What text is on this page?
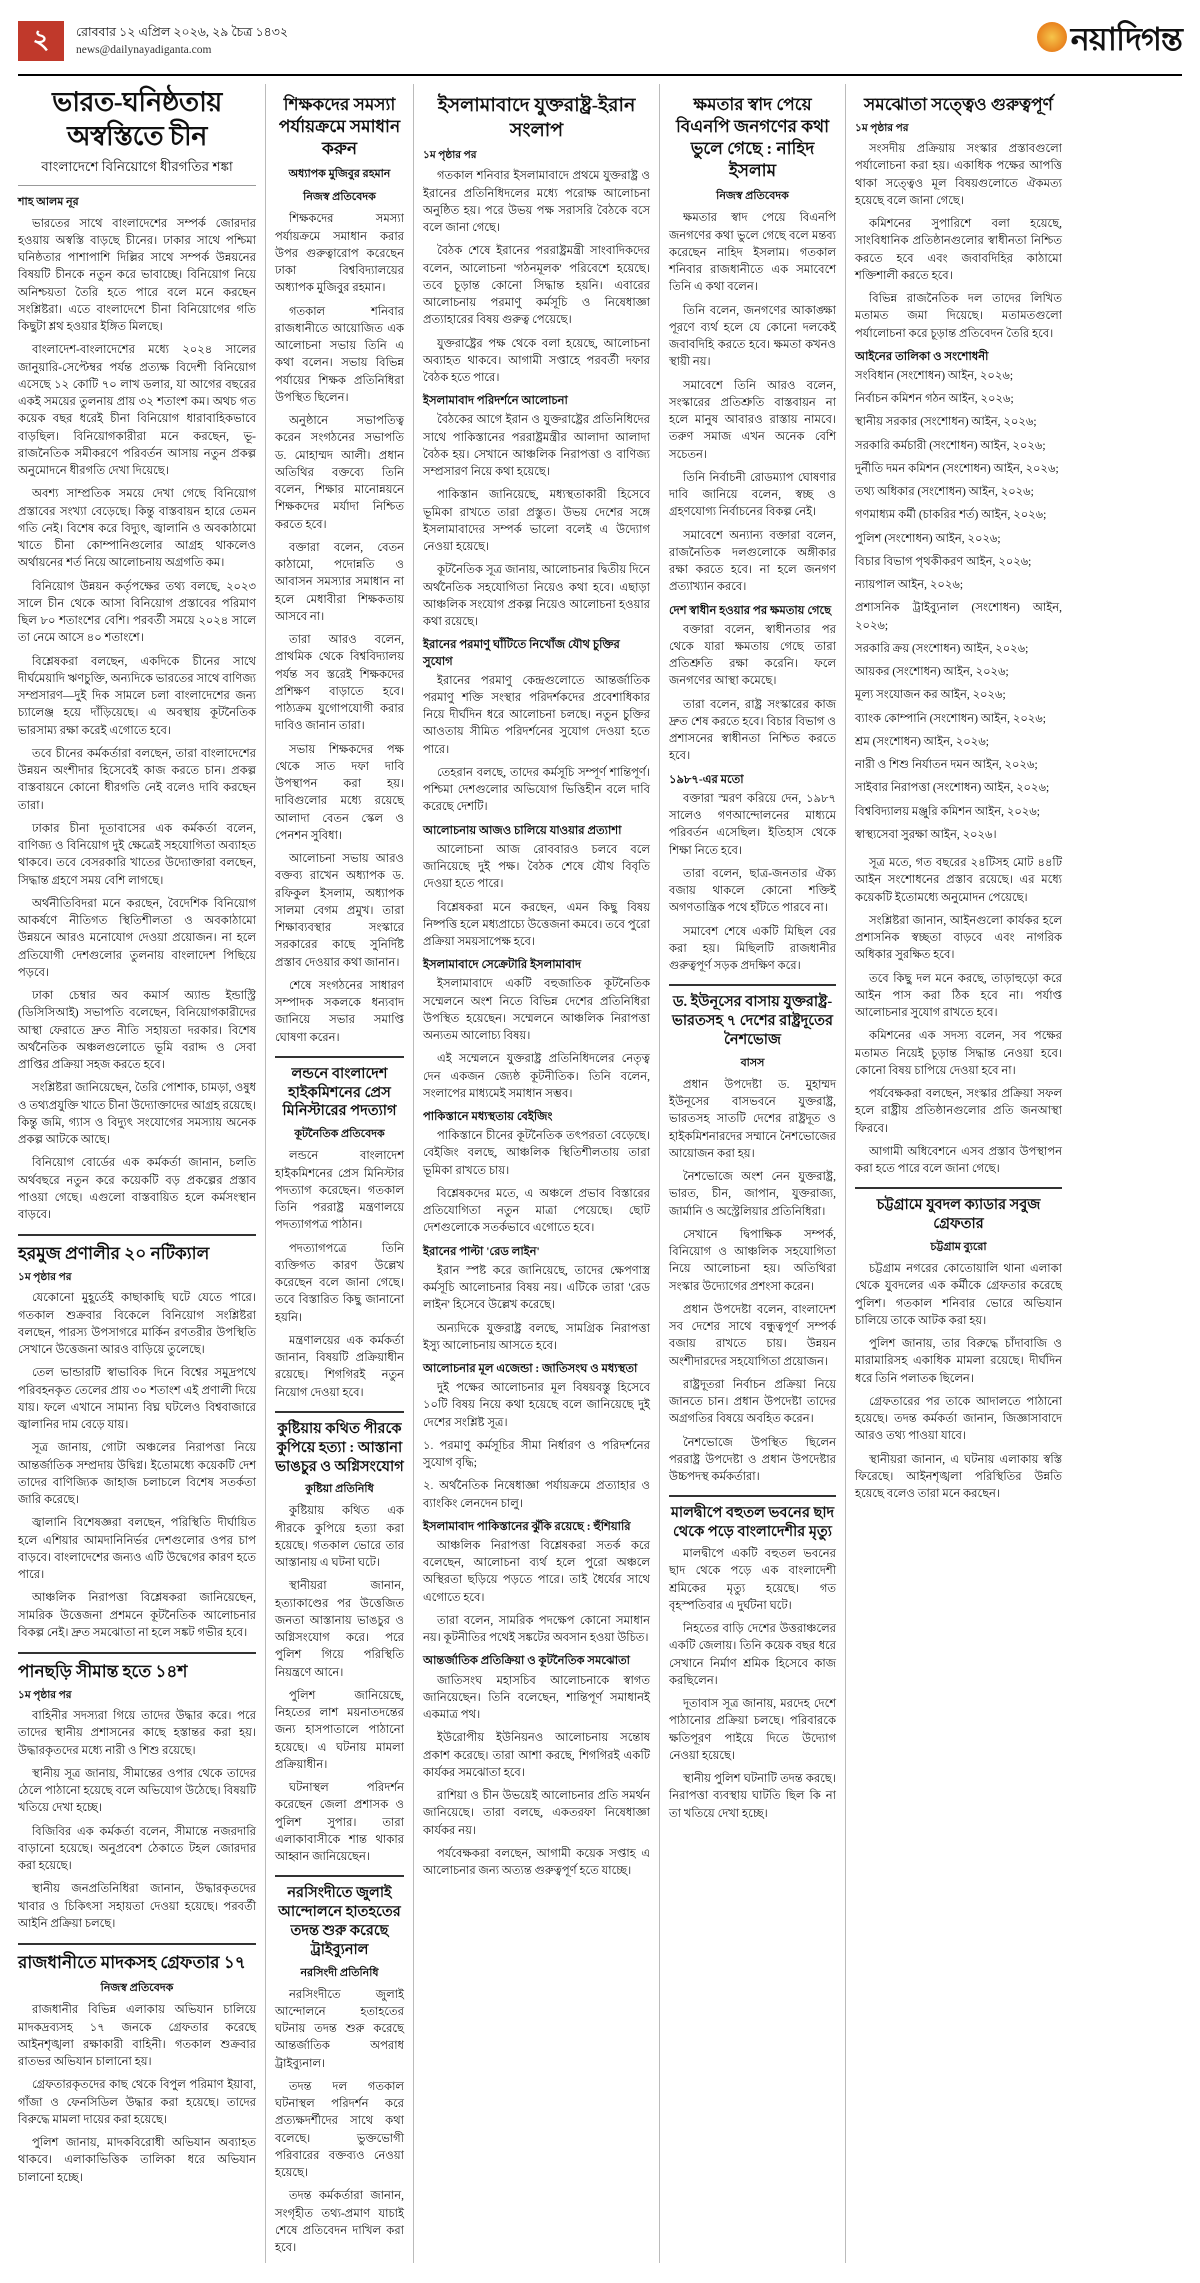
২	রোববার ১২ এপ্রিল ২০২৬, ২৯ চৈত্র ১৪৩২
news@dailynayadiganta.com	নয়াদিগন্ত
ভারত-ঘনিষ্ঠতায় অস্বস্তিতে চীন
বাংলাদেশে বিনিয়োগে ধীরগতির শঙ্কা
শাহ আলম নূর

ভারতের সাথে বাংলাদেশের সম্পর্ক জোরদার হওয়ায় অস্বস্তি বাড়ছে চীনের। ঢাকার সাথে পশ্চিমা ঘনিষ্ঠতার পাশাপাশি দিল্লির সাথে সম্পর্ক উন্নয়নের বিষয়টি চীনকে নতুন করে ভাবাচ্ছে। বিনিয়োগ নিয়ে অনিশ্চয়তা তৈরি হতে পারে বলে মনে করছেন সংশ্লিষ্টরা। এতে বাংলাদেশে চীনা বিনিয়োগের গতি কিছুটা শ্লথ হওয়ার ইঙ্গিত মিলছে।

বাংলাদেশ-বাংলাদেশের মধ্যে ২০২৪ সালের জানুয়ারি-সেপ্টেম্বর পর্যন্ত প্রত্যক্ষ বিদেশী বিনিয়োগ এসেছে ১২ কোটি ৭০ লাখ ডলার, যা আগের বছরের একই সময়ের তুলনায় প্রায় ৩২ শতাংশ কম। অথচ গত কয়েক বছর ধরেই চীনা বিনিয়োগ ধারাবাহিকভাবে বাড়ছিল। বিনিয়োগকারীরা মনে করছেন, ভূ-রাজনৈতিক সমীকরণে পরিবর্তন আসায় নতুন প্রকল্প অনুমোদনে ধীরগতি দেখা দিয়েছে।

অবশ্য সাম্প্রতিক সময়ে দেখা গেছে বিনিয়োগ প্রস্তাবের সংখ্যা বেড়েছে। কিন্তু বাস্তবায়ন হারে তেমন গতি নেই। বিশেষ করে বিদ্যুৎ, জ্বালানি ও অবকাঠামো খাতে চীনা কোম্পানিগুলোর আগ্রহ থাকলেও অর্থায়নের শর্ত নিয়ে আলোচনায় অগ্রগতি কম।

বিনিয়োগ উন্নয়ন কর্তৃপক্ষের তথ্য বলছে, ২০২৩ সালে চীন থেকে আসা বিনিয়োগ প্রস্তাবের পরিমাণ ছিল ৮০ শতাংশের বেশি। পরবর্তী সময়ে ২০২৪ সালে তা নেমে আসে ৪০ শতাংশে।

বিশ্লেষকরা বলছেন, একদিকে চীনের সাথে দীর্ঘমেয়াদি ঋণচুক্তি, অন্যদিকে ভারতের সাথে বাণিজ্য সম্প্রসারণ—দুই দিক সামলে চলা বাংলাদেশের জন্য চ্যালেঞ্জ হয়ে দাঁড়িয়েছে। এ অবস্থায় কূটনৈতিক ভারসাম্য রক্ষা করেই এগোতে হবে।

তবে চীনের কর্মকর্তারা বলছেন, তারা বাংলাদেশের উন্নয়ন অংশীদার হিসেবেই কাজ করতে চান। প্রকল্প বাস্তবায়নে কোনো ধীরগতি নেই বলেও দাবি করছেন তারা।

ঢাকার চীনা দূতাবাসের এক কর্মকর্তা বলেন, বাণিজ্য ও বিনিয়োগ দুই ক্ষেত্রেই সহযোগিতা অব্যাহত থাকবে। তবে বেসরকারি খাতের উদ্যোক্তারা বলছেন, সিদ্ধান্ত গ্রহণে সময় বেশি লাগছে।

অর্থনীতিবিদরা মনে করছেন, বৈদেশিক বিনিয়োগ আকর্ষণে নীতিগত স্থিতিশীলতা ও অবকাঠামো উন্নয়নে আরও মনোযোগ দেওয়া প্রয়োজন। না হলে প্রতিযোগী দেশগুলোর তুলনায় বাংলাদেশ পিছিয়ে পড়বে।

ঢাকা চেম্বার অব কমার্স অ্যান্ড ইন্ডাস্ট্রি (ডিসিসিআই) সভাপতি বলেছেন, বিনিয়োগকারীদের আস্থা ফেরাতে দ্রুত নীতি সহায়তা দরকার। বিশেষ অর্থনৈতিক অঞ্চলগুলোতে ভূমি বরাদ্দ ও সেবা প্রাপ্তির প্রক্রিয়া সহজ করতে হবে।

সংশ্লিষ্টরা জানিয়েছেন, তৈরি পোশাক, চামড়া, ওষুধ ও তথ্যপ্রযুক্তি খাতে চীনা উদ্যোক্তাদের আগ্রহ রয়েছে। কিন্তু জমি, গ্যাস ও বিদ্যুৎ সংযোগের সমস্যায় অনেক প্রকল্প আটকে আছে।

বিনিয়োগ বোর্ডের এক কর্মকর্তা জানান, চলতি অর্থবছরে নতুন করে কয়েকটি বড় প্রকল্পের প্রস্তাব পাওয়া গেছে। এগুলো বাস্তবায়িত হলে কর্মসংস্থান বাড়বে।

হরমুজ প্রণালীর ২০ নটিক্যাল
১ম পৃষ্ঠার পর

যেকোনো মুহূর্তেই কাছাকাছি ঘটে যেতে পারে। গতকাল শুক্রবার বিকেলে বিনিয়োগ সংশ্লিষ্টরা বলছেন, পারস্য উপসাগরে মার্কিন রণতরীর উপস্থিতি সেখানে উত্তেজনা আরও বাড়িয়ে তুলেছে।

তেল ভান্ডারটি স্বাভাবিক দিনে বিশ্বের সমুদ্রপথে পরিবহনকৃত তেলের প্রায় ৩০ শতাংশ এই প্রণালী দিয়ে যায়। ফলে এখানে সামান্য বিঘ্ন ঘটলেও বিশ্ববাজারে জ্বালানির দাম বেড়ে যায়।

সূত্র জানায়, গোটা অঞ্চলের নিরাপত্তা নিয়ে আন্তর্জাতিক সম্প্রদায় উদ্বিগ্ন। ইতোমধ্যে কয়েকটি দেশ তাদের বাণিজ্যিক জাহাজ চলাচলে বিশেষ সতর্কতা জারি করেছে।

জ্বালানি বিশেষজ্ঞরা বলছেন, পরিস্থিতি দীর্ঘায়িত হলে এশিয়ার আমদানিনির্ভর দেশগুলোর ওপর চাপ বাড়বে। বাংলাদেশের জন্যও এটি উদ্বেগের কারণ হতে পারে।

আঞ্চলিক নিরাপত্তা বিশ্লেষকরা জানিয়েছেন, সামরিক উত্তেজনা প্রশমনে কূটনৈতিক আলোচনার বিকল্প নেই। দ্রুত সমঝোতা না হলে সঙ্কট গভীর হবে।

পানছড়ি সীমান্ত হতে ১৪শ
১ম পৃষ্ঠার পর

বাহিনীর সদস্যরা গিয়ে তাদের উদ্ধার করে। পরে তাদের স্থানীয় প্রশাসনের কাছে হস্তান্তর করা হয়। উদ্ধারকৃতদের মধ্যে নারী ও শিশু রয়েছে।

স্থানীয় সূত্র জানায়, সীমান্তের ওপার থেকে তাদের ঠেলে পাঠানো হয়েছে বলে অভিযোগ উঠেছে। বিষয়টি খতিয়ে দেখা হচ্ছে।

বিজিবির এক কর্মকর্তা বলেন, সীমান্তে নজরদারি বাড়ানো হয়েছে। অনুপ্রবেশ ঠেকাতে টহল জোরদার করা হয়েছে।

স্থানীয় জনপ্রতিনিধিরা জানান, উদ্ধারকৃতদের খাবার ও চিকিৎসা সহায়তা দেওয়া হয়েছে। পরবর্তী আইনি প্রক্রিয়া চলছে।

রাজধানীতে মাদকসহ গ্রেফতার ১৭
নিজস্ব প্রতিবেদক

রাজধানীর বিভিন্ন এলাকায় অভিযান চালিয়ে মাদকদ্রব্যসহ ১৭ জনকে গ্রেফতার করেছে আইনশৃঙ্খলা রক্ষাকারী বাহিনী। গতকাল শুক্রবার রাতভর অভিযান চালানো হয়।

গ্রেফতারকৃতদের কাছ থেকে বিপুল পরিমাণ ইয়াবা, গাঁজা ও ফেনসিডিল উদ্ধার করা হয়েছে। তাদের বিরুদ্ধে মামলা দায়ের করা হয়েছে।

পুলিশ জানায়, মাদকবিরোধী অভিযান অব্যাহত থাকবে। এলাকাভিত্তিক তালিকা ধরে অভিযান চালানো হচ্ছে।

শিক্ষকদের সমস্যা পর্যায়ক্রমে সমাধান করুন
অধ্যাপক মুজিবুর রহমান
নিজস্ব প্রতিবেদক

শিক্ষকদের সমস্যা পর্যায়ক্রমে সমাধান করার উপর গুরুত্বারোপ করেছেন ঢাকা বিশ্ববিদ্যালয়ের অধ্যাপক মুজিবুর রহমান।

গতকাল শনিবার রাজধানীতে আয়োজিত এক আলোচনা সভায় তিনি এ কথা বলেন। সভায় বিভিন্ন পর্যায়ের শিক্ষক প্রতিনিধিরা উপস্থিত ছিলেন।

অনুষ্ঠানে সভাপতিত্ব করেন সংগঠনের সভাপতি ড. মোহাম্মদ আলী। প্রধান অতিথির বক্তব্যে তিনি বলেন, শিক্ষার মানোন্নয়নে শিক্ষকদের মর্যাদা নিশ্চিত করতে হবে।

বক্তারা বলেন, বেতন কাঠামো, পদোন্নতি ও আবাসন সমস্যার সমাধান না হলে মেধাবীরা শিক্ষকতায় আসবে না।

তারা আরও বলেন, প্রাথমিক থেকে বিশ্ববিদ্যালয় পর্যন্ত সব স্তরেই শিক্ষকদের প্রশিক্ষণ বাড়াতে হবে। পাঠ্যক্রম যুগোপযোগী করার দাবিও জানান তারা।

সভায় শিক্ষকদের পক্ষ থেকে সাত দফা দাবি উপস্থাপন করা হয়। দাবিগুলোর মধ্যে রয়েছে আলাদা বেতন স্কেল ও পেনশন সুবিধা।

আলোচনা সভায় আরও বক্তব্য রাখেন অধ্যাপক ড. রফিকুল ইসলাম, অধ্যাপক সালমা বেগম প্রমুখ। তারা শিক্ষাব্যবস্থার সংস্কারে সরকারের কাছে সুনির্দিষ্ট প্রস্তাব দেওয়ার কথা জানান।

শেষে সংগঠনের সাধারণ সম্পাদক সকলকে ধন্যবাদ জানিয়ে সভার সমাপ্তি ঘোষণা করেন।

লন্ডনে বাংলাদেশ হাইকমিশনের প্রেস মিনিস্টারের পদত্যাগ
কূটনৈতিক প্রতিবেদক

লন্ডনে বাংলাদেশ হাইকমিশনের প্রেস মিনিস্টার পদত্যাগ করেছেন। গতকাল তিনি পররাষ্ট্র মন্ত্রণালয়ে পদত্যাগপত্র পাঠান।

পদত্যাগপত্রে তিনি ব্যক্তিগত কারণ উল্লেখ করেছেন বলে জানা গেছে। তবে বিস্তারিত কিছু জানানো হয়নি।

মন্ত্রণালয়ের এক কর্মকর্তা জানান, বিষয়টি প্রক্রিয়াধীন রয়েছে। শিগগিরই নতুন নিয়োগ দেওয়া হবে।

কুষ্টিয়ায় কথিত পীরকে কুপিয়ে হত্যা : আস্তানা ভাঙচুর ও অগ্নিসংযোগ
কুষ্টিয়া প্রতিনিধি

কুষ্টিয়ায় কথিত এক পীরকে কুপিয়ে হত্যা করা হয়েছে। গতকাল ভোরে তার আস্তানায় এ ঘটনা ঘটে।

স্থানীয়রা জানান, হত্যাকাণ্ডের পর উত্তেজিত জনতা আস্তানায় ভাঙচুর ও অগ্নিসংযোগ করে। পরে পুলিশ গিয়ে পরিস্থিতি নিয়ন্ত্রণে আনে।

পুলিশ জানিয়েছে, নিহতের লাশ ময়নাতদন্তের জন্য হাসপাতালে পাঠানো হয়েছে। এ ঘটনায় মামলা প্রক্রিয়াধীন।

ঘটনাস্থল পরিদর্শন করেছেন জেলা প্রশাসক ও পুলিশ সুপার। তারা এলাকাবাসীকে শান্ত থাকার আহ্বান জানিয়েছেন।

নরসিংদীতে জুলাই আন্দোলনে হাতহতের তদন্ত শুরু করেছে ট্রাইব্যুনাল
নরসিংদী প্রতিনিধি

নরসিংদীতে জুলাই আন্দোলনে হতাহতের ঘটনায় তদন্ত শুরু করেছে আন্তর্জাতিক অপরাধ ট্রাইব্যুনাল।

তদন্ত দল গতকাল ঘটনাস্থল পরিদর্শন করে প্রত্যক্ষদর্শীদের সাথে কথা বলেছে। ভুক্তভোগী পরিবারের বক্তব্যও নেওয়া হয়েছে।

তদন্ত কর্মকর্তারা জানান, সংগৃহীত তথ্য-প্রমাণ যাচাই শেষে প্রতিবেদন দাখিল করা হবে।

ইসলামাবাদে যুক্তরাষ্ট্র-ইরান সংলাপ
১ম পৃষ্ঠার পর

গতকাল শনিবার ইসলামাবাদে প্রথমে যুক্তরাষ্ট্র ও ইরানের প্রতিনিধিদলের মধ্যে পরোক্ষ আলোচনা অনুষ্ঠিত হয়। পরে উভয় পক্ষ সরাসরি বৈঠকে বসে বলে জানা গেছে।

বৈঠক শেষে ইরানের পররাষ্ট্রমন্ত্রী সাংবাদিকদের বলেন, আলোচনা 'গঠনমূলক' পরিবেশে হয়েছে। তবে চূড়ান্ত কোনো সিদ্ধান্ত হয়নি। এবারের আলোচনায় পরমাণু কর্মসূচি ও নিষেধাজ্ঞা প্রত্যাহারের বিষয় গুরুত্ব পেয়েছে।

যুক্তরাষ্ট্রের পক্ষ থেকে বলা হয়েছে, আলোচনা অব্যাহত থাকবে। আগামী সপ্তাহে পরবর্তী দফার বৈঠক হতে পারে।

ইসলামাবাদ পরিদর্শনে আলোচনা

বৈঠকের আগে ইরান ও যুক্তরাষ্ট্রের প্রতিনিধিদের সাথে পাকিস্তানের পররাষ্ট্রমন্ত্রীর আলাদা আলাদা বৈঠক হয়। সেখানে আঞ্চলিক নিরাপত্তা ও বাণিজ্য সম্প্রসারণ নিয়ে কথা হয়েছে।

পাকিস্তান জানিয়েছে, মধ্যস্থতাকারী হিসেবে ভূমিকা রাখতে তারা প্রস্তুত। উভয় দেশের সঙ্গে ইসলামাবাদের সম্পর্ক ভালো বলেই এ উদ্যোগ নেওয়া হয়েছে।

কূটনৈতিক সূত্র জানায়, আলোচনার দ্বিতীয় দিনে অর্থনৈতিক সহযোগিতা নিয়েও কথা হবে। এছাড়া আঞ্চলিক সংযোগ প্রকল্প নিয়েও আলোচনা হওয়ার কথা রয়েছে।

ইরানের পরমাণু ঘাঁটিতে নিখোঁজ যৌথ চুক্তির সুযোগ

ইরানের পরমাণু কেন্দ্রগুলোতে আন্তর্জাতিক পরমাণু শক্তি সংস্থার পরিদর্শকদের প্রবেশাধিকার নিয়ে দীর্ঘদিন ধরে আলোচনা চলছে। নতুন চুক্তির আওতায় সীমিত পরিদর্শনের সুযোগ দেওয়া হতে পারে।

তেহরান বলছে, তাদের কর্মসূচি সম্পূর্ণ শান্তিপূর্ণ। পশ্চিমা দেশগুলোর অভিযোগ ভিত্তিহীন বলে দাবি করেছে দেশটি।

আলোচনায় আজও চালিয়ে যাওয়ার প্রত্যাশা

আলোচনা আজ রোববারও চলবে বলে জানিয়েছে দুই পক্ষ। বৈঠক শেষে যৌথ বিবৃতি দেওয়া হতে পারে।

বিশ্লেষকরা মনে করছেন, এমন কিছু বিষয় নিষ্পত্তি হলে মধ্যপ্রাচ্যে উত্তেজনা কমবে। তবে পুরো প্রক্রিয়া সময়সাপেক্ষ হবে।

ইসলামাবাদে সেক্রেটারি ইসলামাবাদ

ইসলামাবাদে একটি বহুজাতিক কূটনৈতিক সম্মেলনে অংশ নিতে বিভিন্ন দেশের প্রতিনিধিরা উপস্থিত হয়েছেন। সম্মেলনে আঞ্চলিক নিরাপত্তা অন্যতম আলোচ্য বিষয়।

এই সম্মেলনে যুক্তরাষ্ট্র প্রতিনিধিদলের নেতৃত্ব দেন একজন জ্যেষ্ঠ কূটনীতিক। তিনি বলেন, সংলাপের মাধ্যমেই সমাধান সম্ভব।

পাকিস্তানে মধ্যস্থতায় বেইজিং

পাকিস্তানে চীনের কূটনৈতিক তৎপরতা বেড়েছে। বেইজিং বলছে, আঞ্চলিক স্থিতিশীলতায় তারা ভূমিকা রাখতে চায়।

বিশ্লেষকদের মতে, এ অঞ্চলে প্রভাব বিস্তারের প্রতিযোগিতা নতুন মাত্রা পেয়েছে। ছোট দেশগুলোকে সতর্কভাবে এগোতে হবে।

ইরানের পাল্টা 'রেড লাইন'

ইরান স্পষ্ট করে জানিয়েছে, তাদের ক্ষেপণাস্ত্র কর্মসূচি আলোচনার বিষয় নয়। এটিকে তারা 'রেড লাইন' হিসেবে উল্লেখ করেছে।

অন্যদিকে যুক্তরাষ্ট্র বলছে, সামগ্রিক নিরাপত্তা ইস্যু আলোচনায় আসতে হবে।

আলোচনার মূল এজেন্ডা : জাতিসংঘ ও মধ্যস্থতা

দুই পক্ষের আলোচনার মূল বিষয়বস্তু হিসেবে ১০টি বিষয় নিয়ে কথা হয়েছে বলে জানিয়েছে দুই দেশের সংশ্লিষ্ট সূত্র।

১. পরমাণু কর্মসূচির সীমা নির্ধারণ ও পরিদর্শনের সুযোগ বৃদ্ধি;
২. অর্থনৈতিক নিষেধাজ্ঞা পর্যায়ক্রমে প্রত্যাহার ও ব্যাংকিং লেনদেন চালু।
ইসলামাবাদ পাকিস্তানের ঝুঁকি রয়েছে : হুঁশিয়ারি

আঞ্চলিক নিরাপত্তা বিশ্লেষকরা সতর্ক করে বলেছেন, আলোচনা ব্যর্থ হলে পুরো অঞ্চলে অস্থিরতা ছড়িয়ে পড়তে পারে। তাই ধৈর্যের সাথে এগোতে হবে।

তারা বলেন, সামরিক পদক্ষেপ কোনো সমাধান নয়। কূটনীতির পথেই সঙ্কটের অবসান হওয়া উচিত।

আন্তর্জাতিক প্রতিক্রিয়া ও কূটনৈতিক সমঝোতা

জাতিসংঘ মহাসচিব আলোচনাকে স্বাগত জানিয়েছেন। তিনি বলেছেন, শান্তিপূর্ণ সমাধানই একমাত্র পথ।

ইউরোপীয় ইউনিয়নও আলোচনায় সন্তোষ প্রকাশ করেছে। তারা আশা করছে, শিগগিরই একটি কার্যকর সমঝোতা হবে।

রাশিয়া ও চীন উভয়েই আলোচনার প্রতি সমর্থন জানিয়েছে। তারা বলছে, একতরফা নিষেধাজ্ঞা কার্যকর নয়।

পর্যবেক্ষকরা বলছেন, আগামী কয়েক সপ্তাহ এ আলোচনার জন্য অত্যন্ত গুরুত্বপূর্ণ হতে যাচ্ছে।

ক্ষমতার স্বাদ পেয়ে বিএনপি জনগণের কথা ভুলে গেছে : নাহিদ ইসলাম
নিজস্ব প্রতিবেদক

ক্ষমতার স্বাদ পেয়ে বিএনপি জনগণের কথা ভুলে গেছে বলে মন্তব্য করেছেন নাহিদ ইসলাম। গতকাল শনিবার রাজধানীতে এক সমাবেশে তিনি এ কথা বলেন।

তিনি বলেন, জনগণের আকাঙ্ক্ষা পূরণে ব্যর্থ হলে যে কোনো দলকেই জবাবদিহি করতে হবে। ক্ষমতা কখনও স্থায়ী নয়।

সমাবেশে তিনি আরও বলেন, সংস্কারের প্রতিশ্রুতি বাস্তবায়ন না হলে মানুষ আবারও রাস্তায় নামবে। তরুণ সমাজ এখন অনেক বেশি সচেতন।

তিনি নির্বাচনী রোডম্যাপ ঘোষণার দাবি জানিয়ে বলেন, স্বচ্ছ ও গ্রহণযোগ্য নির্বাচনের বিকল্প নেই।

সমাবেশে অন্যান্য বক্তারা বলেন, রাজনৈতিক দলগুলোকে অঙ্গীকার রক্ষা করতে হবে। না হলে জনগণ প্রত্যাখ্যান করবে।

দেশ স্বাধীন হওয়ার পর ক্ষমতায় গেছে

বক্তারা বলেন, স্বাধীনতার পর থেকে যারা ক্ষমতায় গেছে তারা প্রতিশ্রুতি রক্ষা করেনি। ফলে জনগণের আস্থা কমেছে।

তারা বলেন, রাষ্ট্র সংস্কারের কাজ দ্রুত শেষ করতে হবে। বিচার বিভাগ ও প্রশাসনের স্বাধীনতা নিশ্চিত করতে হবে।

১৯৮৭-এর মতো

বক্তারা স্মরণ করিয়ে দেন, ১৯৮৭ সালেও গণআন্দোলনের মাধ্যমে পরিবর্তন এসেছিল। ইতিহাস থেকে শিক্ষা নিতে হবে।

তারা বলেন, ছাত্র-জনতার ঐক্য বজায় থাকলে কোনো শক্তিই অগণতান্ত্রিক পথে হাঁটতে পারবে না।

সমাবেশ শেষে একটি মিছিল বের করা হয়। মিছিলটি রাজধানীর গুরুত্বপূর্ণ সড়ক প্রদক্ষিণ করে।

ড. ইউনূসের বাসায় যুক্তরাষ্ট্র-ভারতসহ ৭ দেশের রাষ্ট্রদূতের নৈশভোজ
বাসস

প্রধান উপদেষ্টা ড. মুহাম্মদ ইউনূসের বাসভবনে যুক্তরাষ্ট্র, ভারতসহ সাতটি দেশের রাষ্ট্রদূত ও হাইকমিশনারদের সম্মানে নৈশভোজের আয়োজন করা হয়।

নৈশভোজে অংশ নেন যুক্তরাষ্ট্র, ভারত, চীন, জাপান, যুক্তরাজ্য, জার্মানি ও অস্ট্রেলিয়ার প্রতিনিধিরা।

সেখানে দ্বিপাক্ষিক সম্পর্ক, বিনিয়োগ ও আঞ্চলিক সহযোগিতা নিয়ে আলোচনা হয়। অতিথিরা সংস্কার উদ্যোগের প্রশংসা করেন।

প্রধান উপদেষ্টা বলেন, বাংলাদেশ সব দেশের সাথে বন্ধুত্বপূর্ণ সম্পর্ক বজায় রাখতে চায়। উন্নয়ন অংশীদারদের সহযোগিতা প্রয়োজন।

রাষ্ট্রদূতরা নির্বাচন প্রক্রিয়া নিয়ে জানতে চান। প্রধান উপদেষ্টা তাদের অগ্রগতির বিষয়ে অবহিত করেন।

নৈশভোজে উপস্থিত ছিলেন পররাষ্ট্র উপদেষ্টা ও প্রধান উপদেষ্টার উচ্চপদস্থ কর্মকর্তারা।

মালদ্বীপে বহুতল ভবনের ছাদ থেকে পড়ে বাংলাদেশীর মৃত্যু

মালদ্বীপে একটি বহুতল ভবনের ছাদ থেকে পড়ে এক বাংলাদেশী শ্রমিকের মৃত্যু হয়েছে। গত বৃহস্পতিবার এ দুর্ঘটনা ঘটে।

নিহতের বাড়ি দেশের উত্তরাঞ্চলের একটি জেলায়। তিনি কয়েক বছর ধরে সেখানে নির্মাণ শ্রমিক হিসেবে কাজ করছিলেন।

দূতাবাস সূত্র জানায়, মরদেহ দেশে পাঠানোর প্রক্রিয়া চলছে। পরিবারকে ক্ষতিপূরণ পাইয়ে দিতে উদ্যোগ নেওয়া হয়েছে।

স্থানীয় পুলিশ ঘটনাটি তদন্ত করছে। নিরাপত্তা ব্যবস্থায় ঘাটতি ছিল কি না তা খতিয়ে দেখা হচ্ছে।

সমঝোতা সত্ত্বেও গুরুত্বপূর্ণ
১ম পৃষ্ঠার পর

সংসদীয় প্রক্রিয়ায় সংস্কার প্রস্তাবগুলো পর্যালোচনা করা হয়। একাধিক পক্ষের আপত্তি থাকা সত্ত্বেও মূল বিষয়গুলোতে ঐকমত্য হয়েছে বলে জানা গেছে।

কমিশনের সুপারিশে বলা হয়েছে, সাংবিধানিক প্রতিষ্ঠানগুলোর স্বাধীনতা নিশ্চিত করতে হবে এবং জবাবদিহির কাঠামো শক্তিশালী করতে হবে।

বিভিন্ন রাজনৈতিক দল তাদের লিখিত মতামত জমা দিয়েছে। মতামতগুলো পর্যালোচনা করে চূড়ান্ত প্রতিবেদন তৈরি হবে।

আইনের তালিকা ও সংশোধনী
সংবিধান (সংশোধন) আইন, ২০২৬;
নির্বাচন কমিশন গঠন আইন, ২০২৬;
স্থানীয় সরকার (সংশোধন) আইন, ২০২৬;
সরকারি কর্মচারী (সংশোধন) আইন, ২০২৬;
দুর্নীতি দমন কমিশন (সংশোধন) আইন, ২০২৬;
তথ্য অধিকার (সংশোধন) আইন, ২০২৬;
গণমাধ্যম কর্মী (চাকরির শর্ত) আইন, ২০২৬;
পুলিশ (সংশোধন) আইন, ২০২৬;
বিচার বিভাগ পৃথকীকরণ আইন, ২০২৬;
ন্যায়পাল আইন, ২০২৬;
প্রশাসনিক ট্রাইব্যুনাল (সংশোধন) আইন, ২০২৬;
সরকারি ক্রয় (সংশোধন) আইন, ২০২৬;
আয়কর (সংশোধন) আইন, ২০২৬;
মূল্য সংযোজন কর আইন, ২০২৬;
ব্যাংক কোম্পানি (সংশোধন) আইন, ২০২৬;
শ্রম (সংশোধন) আইন, ২০২৬;
নারী ও শিশু নির্যাতন দমন আইন, ২০২৬;
সাইবার নিরাপত্তা (সংশোধন) আইন, ২০২৬;
বিশ্ববিদ্যালয় মঞ্জুরি কমিশন আইন, ২০২৬;
স্বাস্থ্যসেবা সুরক্ষা আইন, ২০২৬।

সূত্র মতে, গত বছরের ২৪টিসহ মোট ৪৪টি আইন সংশোধনের প্রস্তাব রয়েছে। এর মধ্যে কয়েকটি ইতোমধ্যে অনুমোদন পেয়েছে।

সংশ্লিষ্টরা জানান, আইনগুলো কার্যকর হলে প্রশাসনিক স্বচ্ছতা বাড়বে এবং নাগরিক অধিকার সুরক্ষিত হবে।

তবে কিছু দল মনে করছে, তাড়াহুড়ো করে আইন পাস করা ঠিক হবে না। পর্যাপ্ত আলোচনার সুযোগ রাখতে হবে।

কমিশনের এক সদস্য বলেন, সব পক্ষের মতামত নিয়েই চূড়ান্ত সিদ্ধান্ত নেওয়া হবে। কোনো বিষয় চাপিয়ে দেওয়া হবে না।

পর্যবেক্ষকরা বলছেন, সংস্কার প্রক্রিয়া সফল হলে রাষ্ট্রীয় প্রতিষ্ঠানগুলোর প্রতি জনআস্থা ফিরবে।

আগামী অধিবেশনে এসব প্রস্তাব উপস্থাপন করা হতে পারে বলে জানা গেছে।

চট্টগ্রামে যুবদল ক্যাডার সবুজ গ্রেফতার
চট্টগ্রাম ব্যুরো

চট্টগ্রাম নগরের কোতোয়ালি থানা এলাকা থেকে যুবদলের এক কর্মীকে গ্রেফতার করেছে পুলিশ। গতকাল শনিবার ভোরে অভিযান চালিয়ে তাকে আটক করা হয়।

পুলিশ জানায়, তার বিরুদ্ধে চাঁদাবাজি ও মারামারিসহ একাধিক মামলা রয়েছে। দীর্ঘদিন ধরে তিনি পলাতক ছিলেন।

গ্রেফতারের পর তাকে আদালতে পাঠানো হয়েছে। তদন্ত কর্মকর্তা জানান, জিজ্ঞাসাবাদে আরও তথ্য পাওয়া যাবে।

স্থানীয়রা জানান, এ ঘটনায় এলাকায় স্বস্তি ফিরেছে। আইনশৃঙ্খলা পরিস্থিতির উন্নতি হয়েছে বলেও তারা মনে করছেন।
